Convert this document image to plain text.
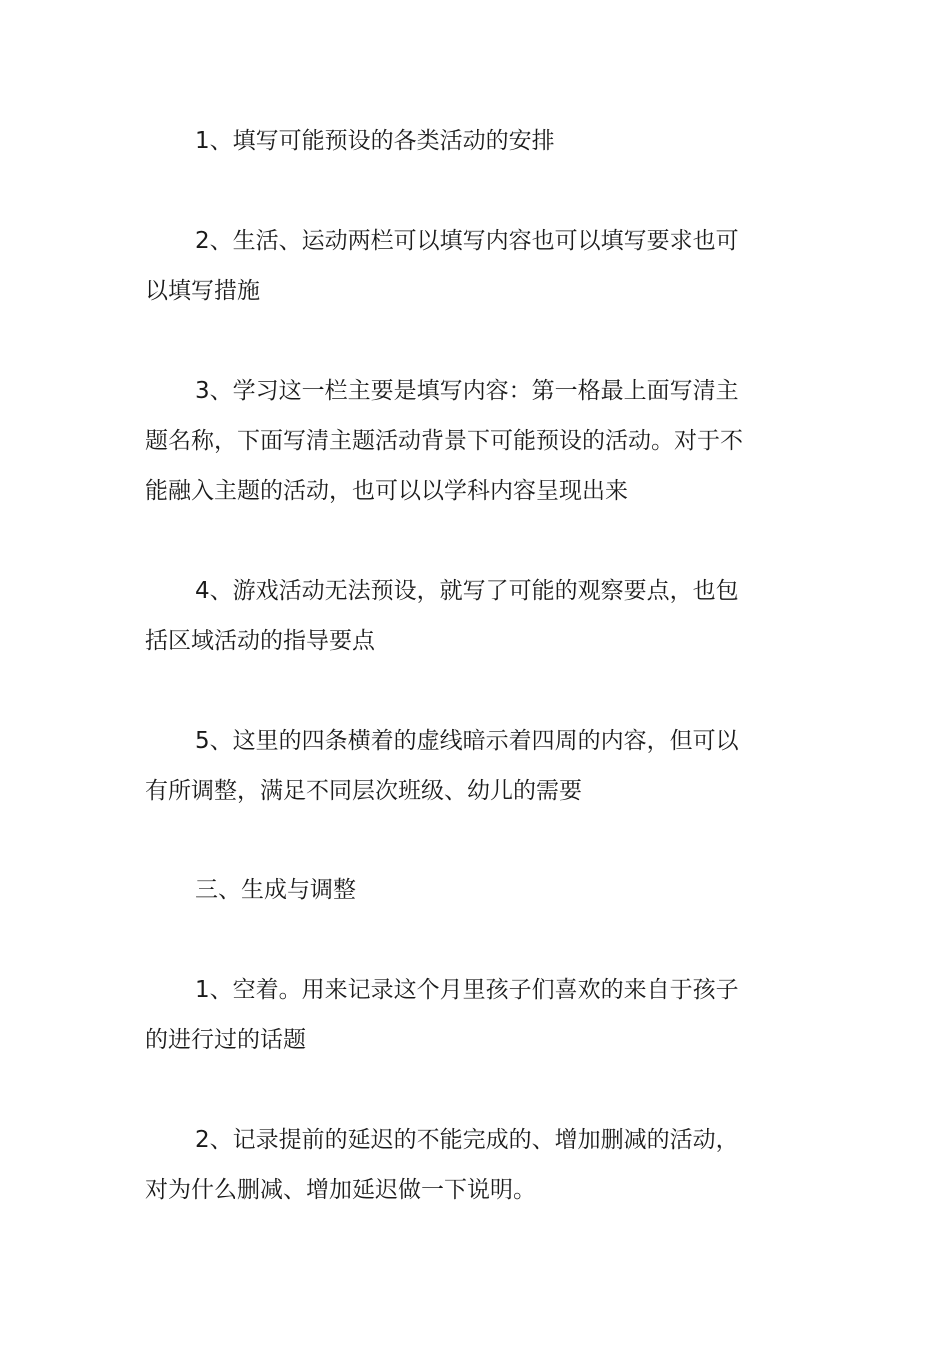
1、填写可能预设的各类活动的安排

2、生活、运动两栏可以填写内容也可以填写要求也可
以填写措施

3、学习这一栏主要是填写内容：第一格最上面写清主
题名称，下面写清主题活动背景下可能预设的活动。对于不
能融入主题的活动，也可以以学科内容呈现出来

4、游戏活动无法预设，就写了可能的观察要点，也包
括区域活动的指导要点

5、这里的四条横着的虚线暗示着四周的内容，但可以
有所调整，满足不同层次班级、幼儿的需要

三、生成与调整

1、空着。用来记录这个月里孩子们喜欢的来自于孩子
的进行过的话题

2、记录提前的延迟的不能完成的、增加删减的活动，
对为什么删减、增加延迟做一下说明。
